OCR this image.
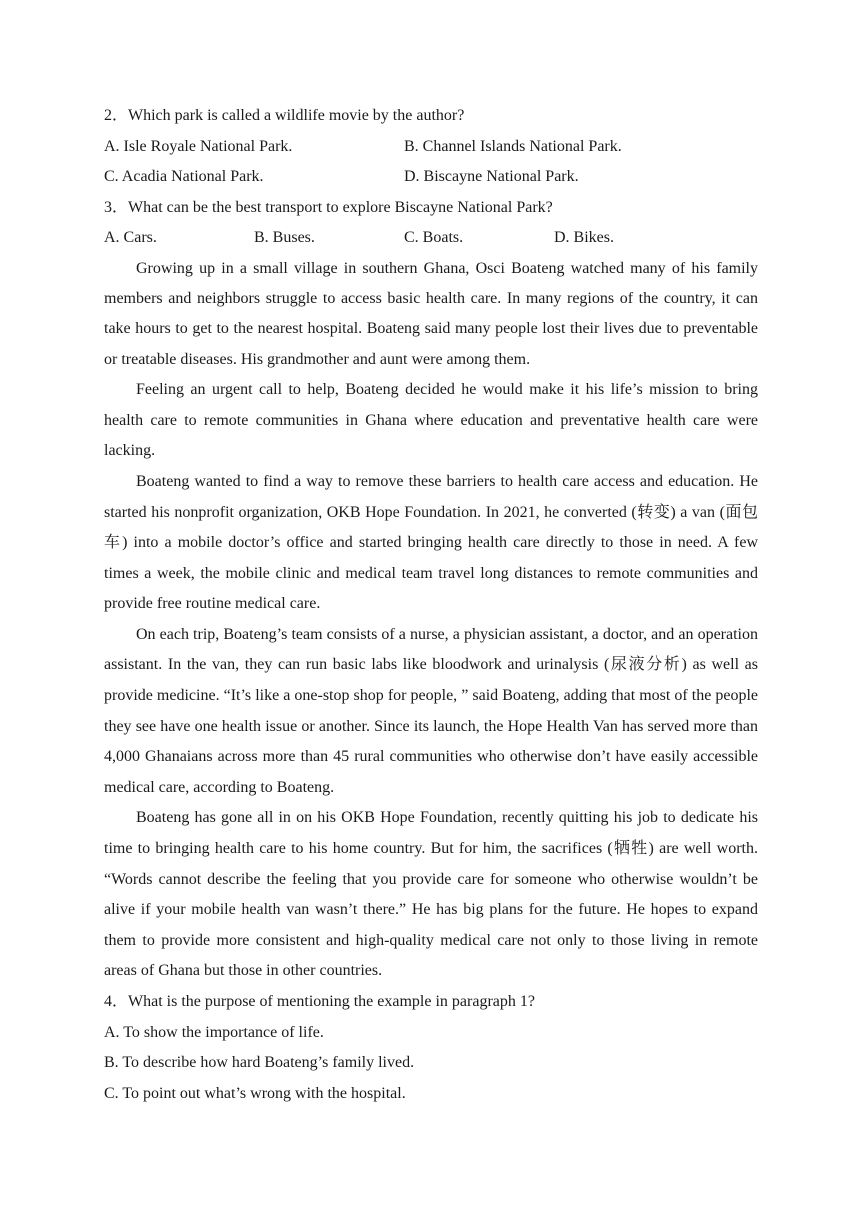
2．Which park is called a wildlife movie by the author?
A. Isle Royale National Park.	B. Channel Islands National Park.
C. Acadia National Park.	D. Biscayne National Park.
3．What can be the best transport to explore Biscayne National Park?
A. Cars.	B. Buses.	C. Boats.	D. Bikes.

Growing up in a small village in southern Ghana, Osci Boateng watched many of his family members and neighbors struggle to access basic health care. In many regions of the country, it can take hours to get to the nearest hospital. Boateng said many people lost their lives due to preventable or treatable diseases. His grandmother and aunt were among them.

Feeling an urgent call to help, Boateng decided he would make it his life’s mission to bring health care to remote communities in Ghana where education and preventative health care were lacking.

Boateng wanted to find a way to remove these barriers to health care access and education. He started his nonprofit organization, OKB Hope Foundation. In 2021, he converted (转变) a van (面包车) into a mobile doctor’s office and started bringing health care directly to those in need. A few times a week, the mobile clinic and medical team travel long distances to remote communities and provide free routine medical care.

On each trip, Boateng’s team consists of a nurse, a physician assistant, a doctor, and an operation assistant. In the van, they can run basic labs like bloodwork and urinalysis (尿液分析) as well as provide medicine. “It’s like a one-stop shop for people, ” said Boateng, adding that most of the people they see have one health issue or another. Since its launch, the Hope Health Van has served more than 4,000 Ghanaians across more than 45 rural communities who otherwise don’t have easily accessible medical care, according to Boateng.

Boateng has gone all in on his OKB Hope Foundation, recently quitting his job to dedicate his time to bringing health care to his home country. But for him, the sacrifices (牺牲) are well worth. “Words cannot describe the feeling that you provide care for someone who otherwise wouldn’t be alive if your mobile health van wasn’t there.” He has big plans for the future. He hopes to expand them to provide more consistent and high-quality medical care not only to those living in remote areas of Ghana but those in other countries.

4．What is the purpose of mentioning the example in paragraph 1?
A. To show the importance of life.
B. To describe how hard Boateng’s family lived.
C. To point out what’s wrong with the hospital.
